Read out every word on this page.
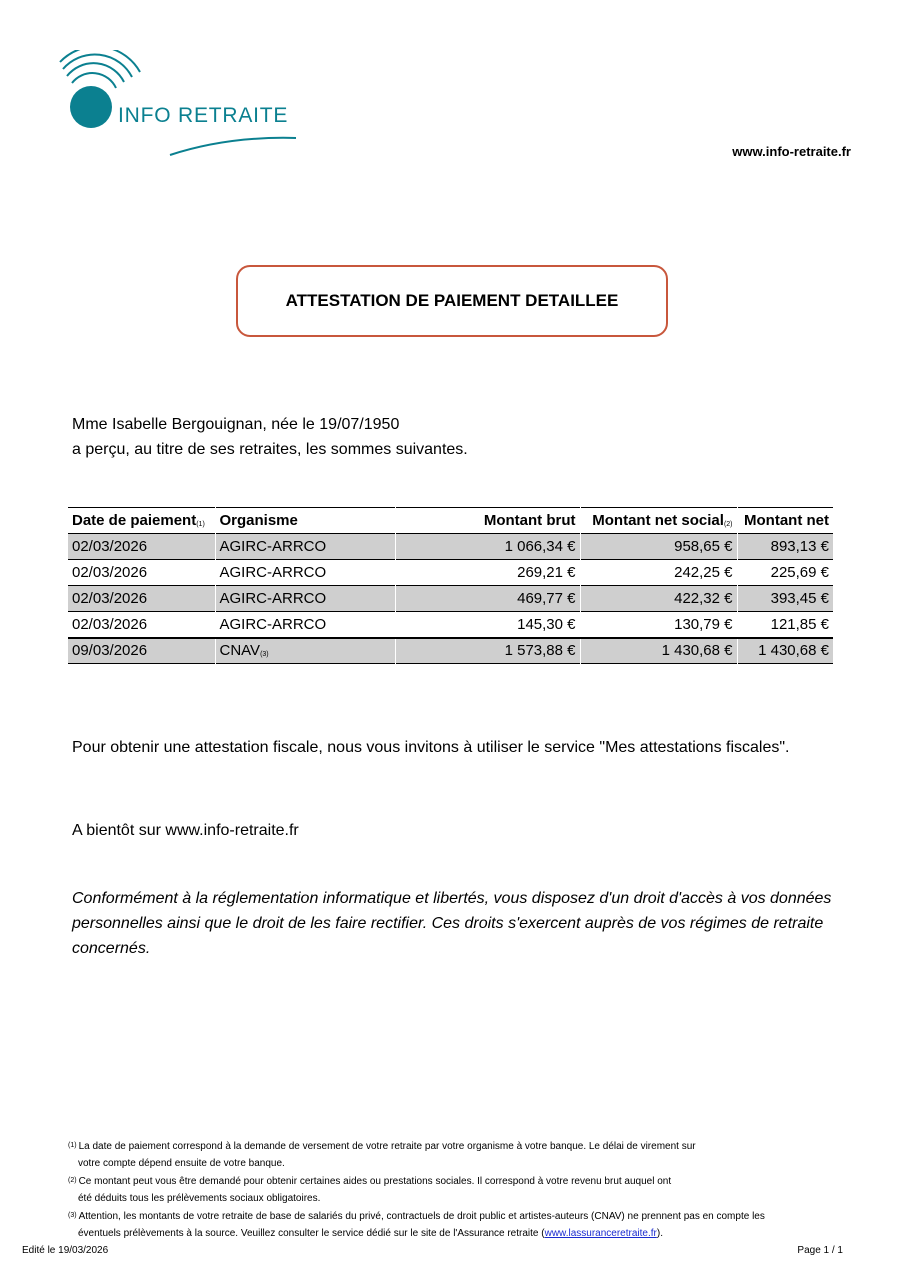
INFO RETRAITE
www.info-retraite.fr
ATTESTATION DE PAIEMENT DETAILLEE
Mme Isabelle Bergouignan, née le 19/07/1950
a perçu, au titre de ses retraites, les sommes suivantes.
Date de paiement$_{(1)}$	Organisme	Montant brut	Montant net social$_{(2)}$	Montant net
02/03/2026	AGIRC-ARRCO	1 066,34 €	958,65 €	893,13 €
02/03/2026	AGIRC-ARRCO	269,21 €	242,25 €	225,69 €
02/03/2026	AGIRC-ARRCO	469,77 €	422,32 €	393,45 €
02/03/2026	AGIRC-ARRCO	145,30 €	130,79 €	121,85 €
09/03/2026	$CNAV_{(3)}$	1 573,88 €	1 430,68 €	1 430,68 €
Pour obtenir une attestation fiscale, nous vous invitons à utiliser le service "Mes attestations fiscales".
A bientôt sur www.info-retraite.fr
Conformément à la réglementation informatique et libertés, vous disposez d'un droit d'accès à vos données personnelles ainsi que le droit de les faire rectifier. Ces droits s'exercent auprès de vos régimes de retraite concernés.
$^{(1)}$ La date de paiement correspond à la demande de versement de votre retraite par votre organisme à votre banque. Le délai de virement sur
votre compte dépend ensuite de votre banque.
$^{(2)}$ Ce montant peut vous être demandé pour obtenir certaines aides ou prestations sociales. Il correspond à votre revenu brut auquel ont
été déduits tous les prélèvements sociaux obligatoires.
$^{(3)}$ Attention, les montants de votre retraite de base de salariés du privé, contractuels de droit public et artistes-auteurs (CNAV) ne prennent pas en compte les
éventuels prélèvements à la source. Veuillez consulter le service dédié sur le site de l'Assurance retraite (www.lassuranceretraite.fr).
Edité le 19/03/2026	Page 1 / 1
